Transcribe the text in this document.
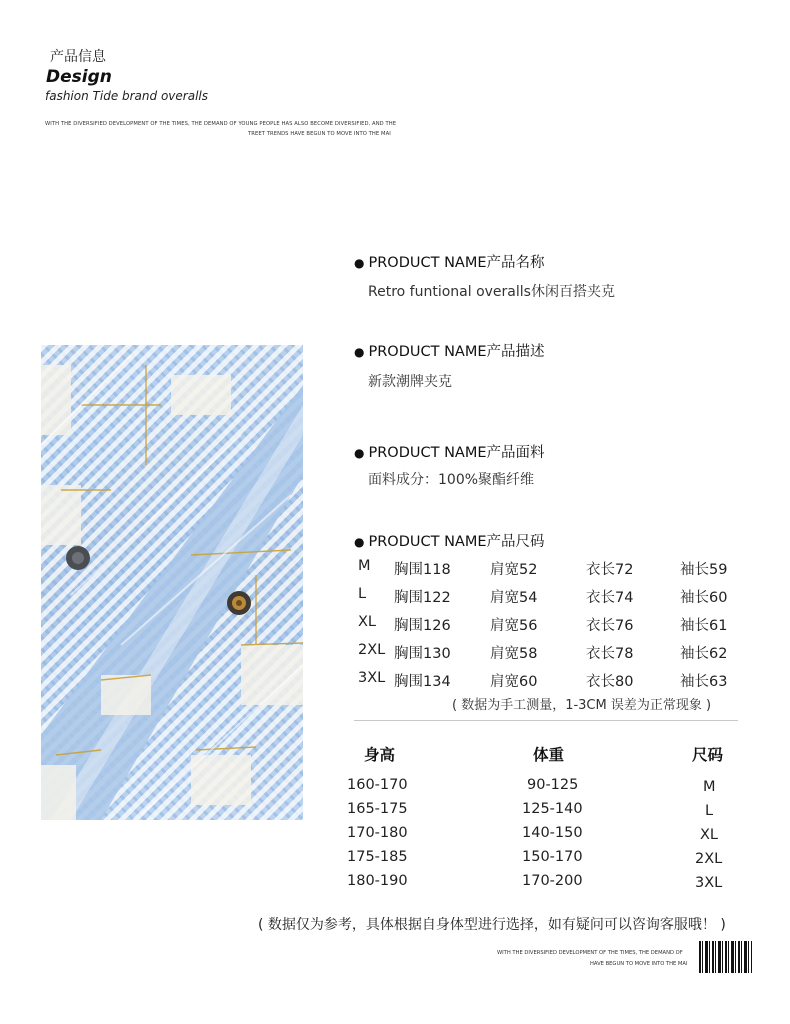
产品信息
Design
fashion Tide brand overalls
WITH THE DIVERSIFIED DEVELOPMENT OF THE TIMES, THE DEMAND OF YOUNG PEOPLE HAS ALSO BECOME DIVERSIFIED, AND THE
TREET TRENDS HAVE BEGUN TO MOVE INTO THE MAI
● PRODUCT NAME产品名称
Retro funtional overalls休闲百搭夹克
● PRODUCT NAME产品描述
新款潮牌夹克
● PRODUCT NAME产品面料
面料成分：100%聚酯纤维
● PRODUCT NAME产品尺码
M 胸围118	肩宽52	衣长72	袖长59
L 胸围122	肩宽54	衣长74	袖长60
XL 胸围126	肩宽56	衣长76	袖长61
2XL 胸围130	肩宽58	衣长78	袖长62
3XL 胸围134	肩宽60	衣长80	袖长63
( 数据为手工测量，1-3CM 误差为正常现象 )
身高	体重	尺码
160-170	90-125	M
165-175	125-140	L
170-180	140-150	XL
175-185	150-170	2XL
180-190	170-200	3XL
( 数据仅为参考，具体根据自身体型进行选择，如有疑问可以咨询客服哦！ )
WITH THE DIVERSIFIED DEVELOPMENT OF THE TIMES, THE DEMAND OF
HAVE BEGUN TO MOVE INTO THE MAI
